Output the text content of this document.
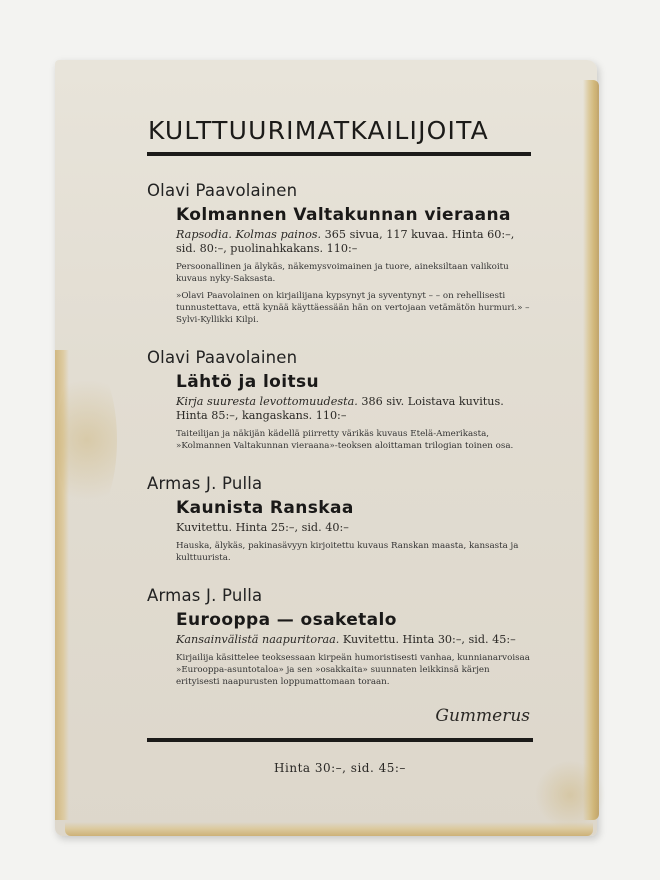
KULTTUURIMATKAILIJOITA
Olavi Paavolainen
Kolmannen Valtakunnan vieraana
Rapsodia. Kolmas painos. 365 sivua, 117 kuvaa. Hinta 60:–, sid. 80:–, puolinahkakans. 110:–
Persoonallinen ja älykäs, näkemysvoimainen ja tuore, aineksiltaan valikoitu kuvaus nyky-Saksasta.
»Olavi Paavolainen on kirjailijana kypsynyt ja syventynyt – – on rehellisesti tunnustettava, että kynää käyttäessään hän on vertojaan vetämätön hurmuri.» – Sylvi-Kyllikki Kilpi.
Olavi Paavolainen
Lähtö ja loitsu
Kirja suuresta levottomuudesta. 386 siv. Loistava kuvitus. Hinta 85:–, kangaskans. 110:–
Taiteilijan ja näkijän kädellä piirretty värikäs kuvaus Etelä-Amerikasta, »Kolmannen Valtakunnan vieraana»-teoksen aloittaman trilogian toinen osa.
Armas J. Pulla
Kaunista Ranskaa
Kuvitettu. Hinta 25:–, sid. 40:–
Hauska, älykäs, pakinasävyyn kirjoitettu kuvaus Ranskan maasta, kansasta ja kulttuurista.
Armas J. Pulla
Eurooppa — osaketalo
Kansainvälistä naapuritoraa. Kuvitettu. Hinta 30:–, sid. 45:–
Kirjailija käsittelee teoksessaan kirpeän humoristisesti vanhaa, kunnianarvoisaa »Eurooppa-asuntotaloa» ja sen »osakkaita» suunnaten leikkinsä kärjen erityisesti naapurusten loppumattomaan toraan.
Gummerus
Hinta 30:–, sid. 45:–
